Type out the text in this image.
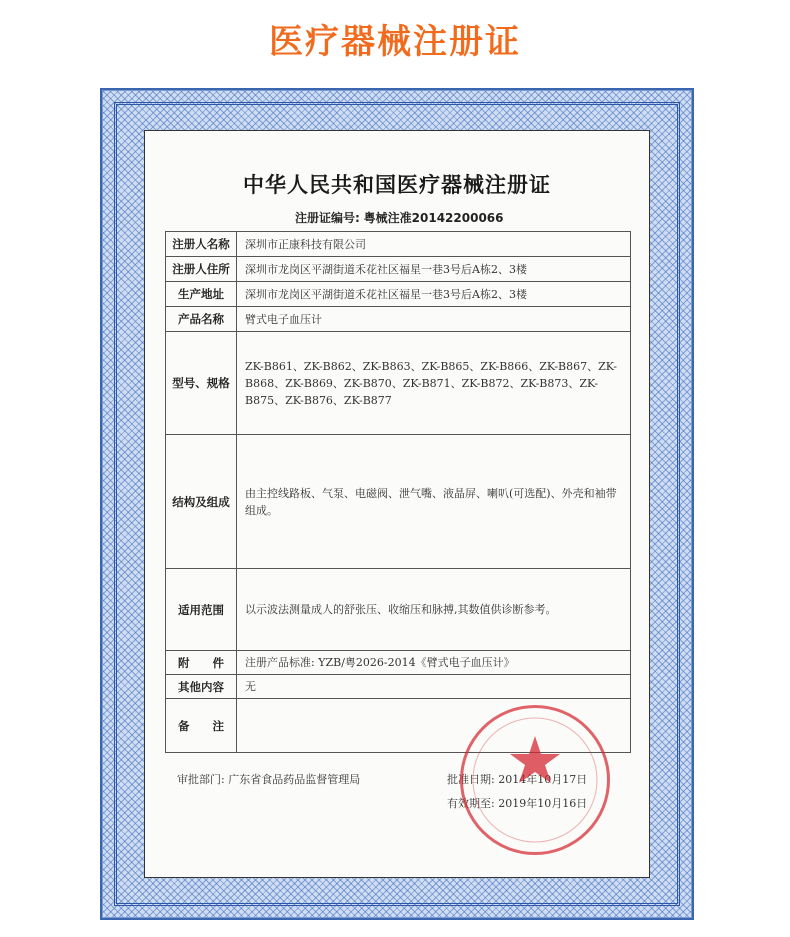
医疗器械注册证
中华人民共和国医疗器械注册证
注册证编号: 粤械注准20142200066
注册人名称	深圳市正康科技有限公司
注册人住所	深圳市龙岗区平湖街道禾花社区福星一巷3号后A栋2、3楼
生产地址	深圳市龙岗区平湖街道禾花社区福星一巷3号后A栋2、3楼
产品名称	臂式电子血压计
型号、规格	ZK-B861、ZK-B862、ZK-B863、ZK-B865、ZK-B866、ZK-B867、ZK-B868、ZK-B869、ZK-B870、ZK-B871、ZK-B872、ZK-B873、ZK-B875、ZK-B876、ZK-B877
结构及组成	由主控线路板、气泵、电磁阀、泄气嘴、液晶屏、喇叭(可选配)、外壳和袖带组成。
适用范围	以示波法测量成人的舒张压、收缩压和脉搏,其数值供诊断参考。
附　　件	注册产品标准: YZB/粤2026-2014《臂式电子血压计》
其他内容	无
备　　注	
审批部门: 广东省食品药品监督管理局	批准日期: 2014年10月17日
有效期至: 2019年10月16日
